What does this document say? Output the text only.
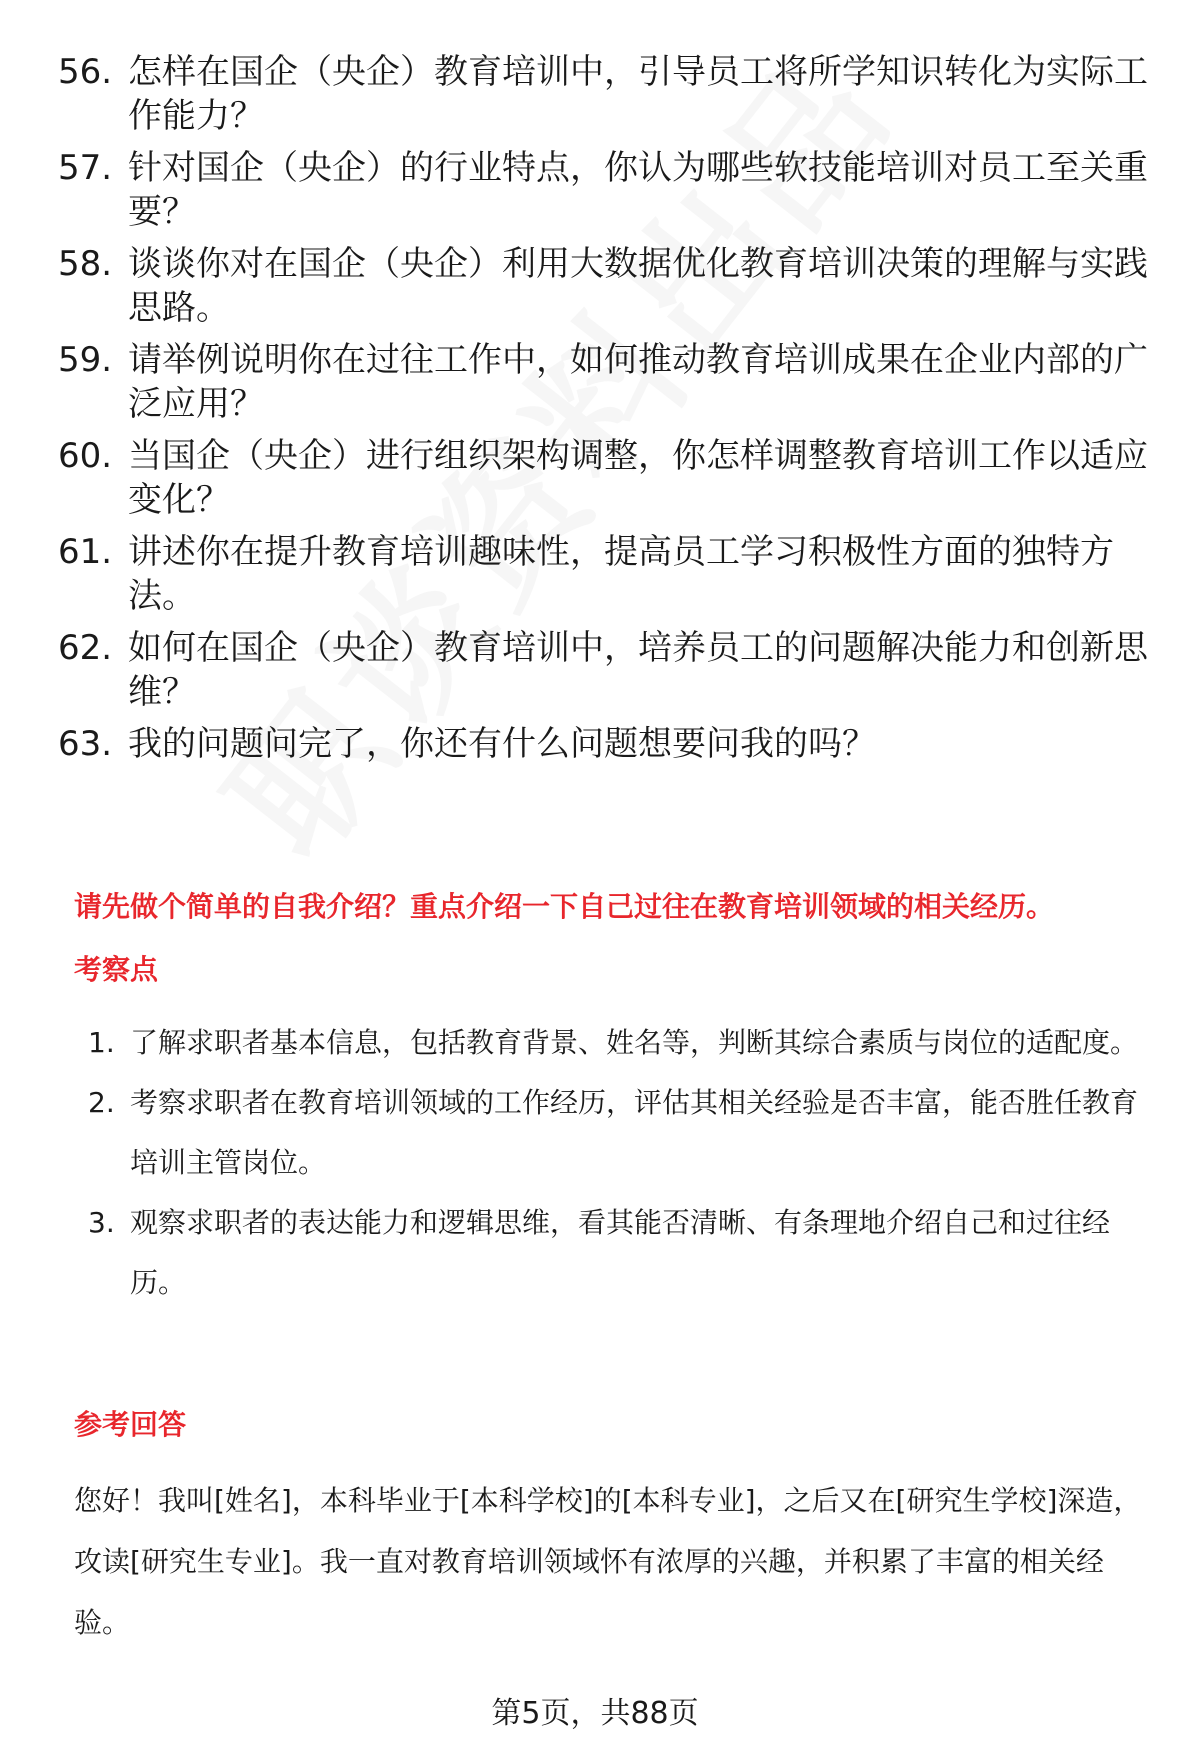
56. 怎样在国企（央企）教育培训中，引导员工将所学知识转化为实际工作能力？
57. 针对国企（央企）的行业特点，你认为哪些软技能培训对员工至关重要？
58. 谈谈你对在国企（央企）利用大数据优化教育培训决策的理解与实践思路。
59. 请举例说明你在过往工作中，如何推动教育培训成果在企业内部的广泛应用？
60. 当国企（央企）进行组织架构调整，你怎样调整教育培训工作以适应变化？
61. 讲述你在提升教育培训趣味性，提高员工学习积极性方面的独特方法。
62. 如何在国企（央企）教育培训中，培养员工的问题解决能力和创新思维？
63. 我的问题问完了，你还有什么问题想要问我的吗？
请先做个简单的自我介绍？重点介绍一下自己过往在教育培训领域的相关经历。
考察点
1. 了解求职者基本信息，包括教育背景、姓名等，判断其综合素质与岗位的适配度。
2. 考察求职者在教育培训领域的工作经历，评估其相关经验是否丰富，能否胜任教育培训主管岗位。
3. 观察求职者的表达能力和逻辑思维，看其能否清晰、有条理地介绍自己和过往经历。
参考回答
您好！我叫[姓名]，本科毕业于[本科学校]的[本科专业]，之后又在[研究生学校]深造，攻读[研究生专业]。我一直对教育培训领域怀有浓厚的兴趣，并积累了丰富的相关经验。
第5页，共88页
